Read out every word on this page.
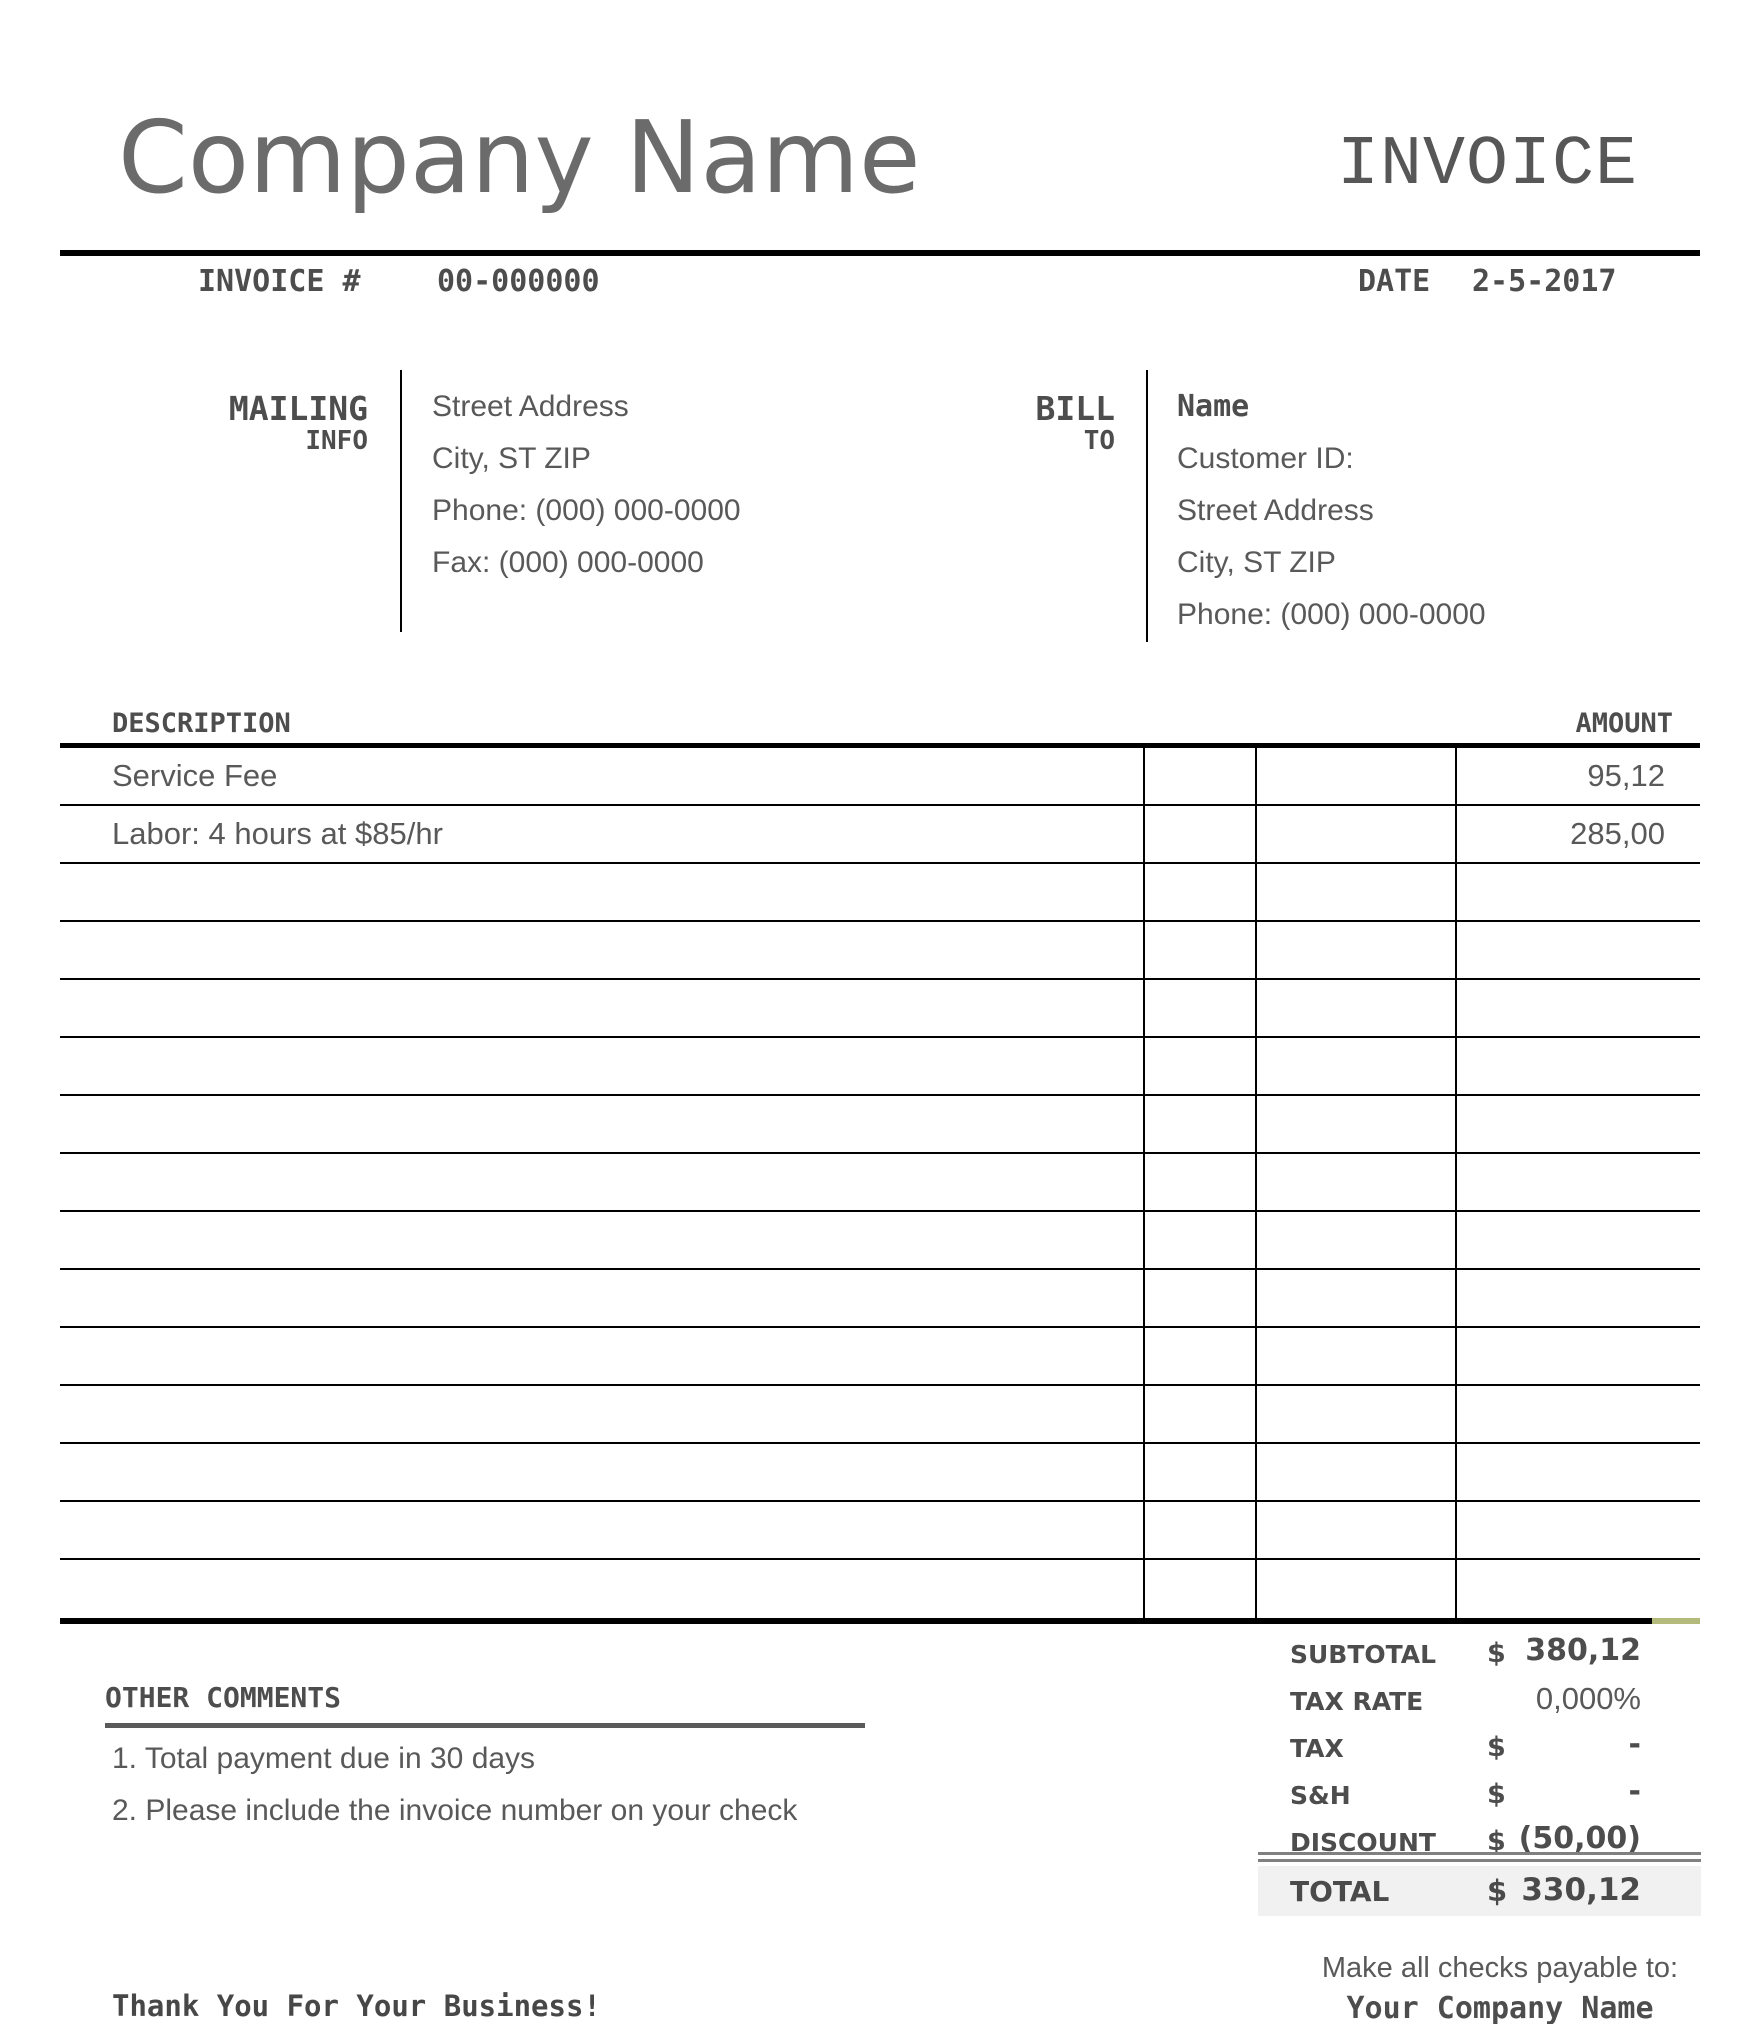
Company Name	INVOICE
INVOICE #	00-000000	DATE 2-5-2017
MAILING
INFO
Street Address
City, ST ZIP
Phone: (000) 000-0000
Fax: (000) 000-0000
BILL
TO
Name
Customer ID:
Street Address
City, ST ZIP
Phone: (000) 000-0000
DESCRIPTION	AMOUNT
Service Fee	95,12
Labor: 4 hours at $85/hr	285,00
SUBTOTAL $ 380,12
TAX RATE	0,000%
TAX	$	-
S&H	$	-
DISCOUNT $ (50,00)
TOTAL	$ 330,12
OTHER COMMENTS
1. Total payment due in 30 days
2. Please include the invoice number on your check
Thank You For Your Business!
Make all checks payable to:
Your Company Name
